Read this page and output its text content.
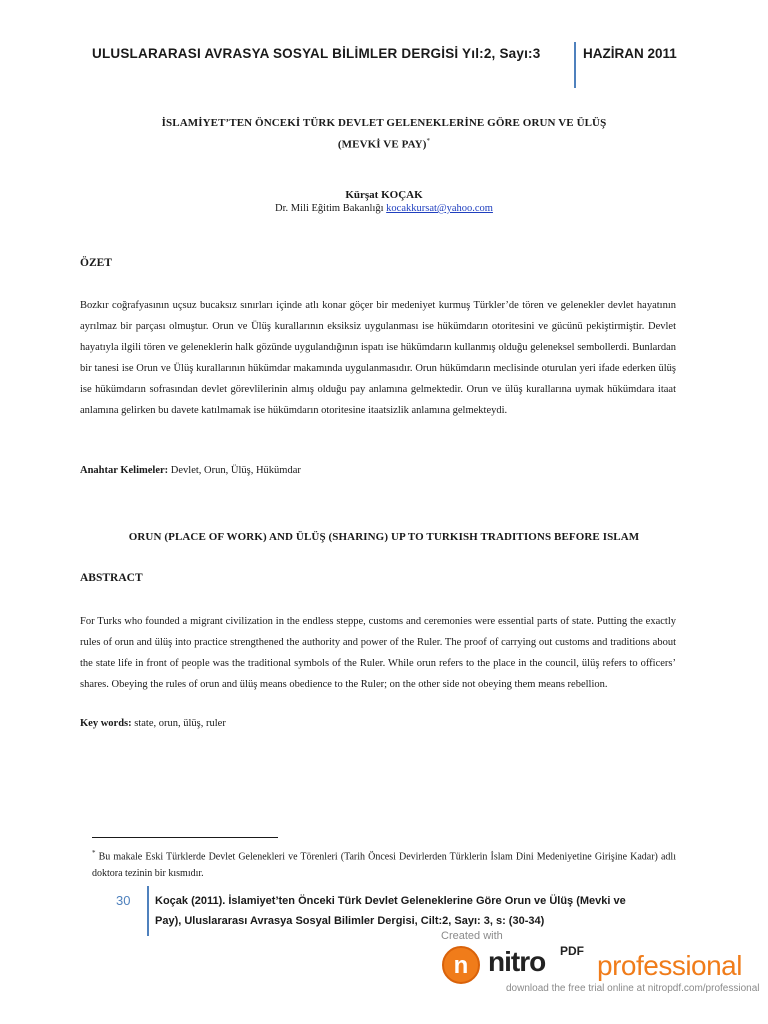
ULUSLARARASI AVRASYA SOSYAL BİLİMLER DERGİSİ Yıl:2, Sayı:3	HAZİRAN 2011
İSLAMİYET’TEN ÖNCEKİ TÜRK DEVLET GELENEKLERİNE GÖRE ORUN VE ÜLÜŞ
(MEVKİ VE PAY)*
Kürşat KOÇAK
Dr. Mili Eğitim Bakanlığı kocakkursat@yahoo.com
ÖZET
Bozkır coğrafyasının uçsuz bucaksız sınırları içinde atlı konar göçer bir medeniyet kurmuş Türkler’de tören ve gelenekler devlet hayatının ayrılmaz bir parçası olmuştur. Orun ve Ülüş kurallarının eksiksiz uygulanması ise hükümdarın otoritesini ve gücünü pekiştirmiştir. Devlet hayatıyla ilgili tören ve geleneklerin halk gözünde uygulandığının ispatı ise hükümdarın kullanmış olduğu geleneksel sembollerdi. Bunlardan bir tanesi ise Orun ve Ülüş kurallarının hükümdar makamında uygulanmasıdır. Orun hükümdarın meclisinde oturulan yeri ifade ederken ülüş ise hükümdarın sofrasından devlet görevlilerinin almış olduğu pay anlamına gelmektedir. Orun ve ülüş kurallarına uymak hükümdara itaat anlamına gelirken bu davete katılmamak ise hükümdarın otoritesine itaatsizlik anlamına gelmekteydi.
Anahtar Kelimeler: Devlet, Orun, Ülüş, Hükümdar
ORUN (PLACE OF WORK) AND ÜLÜŞ (SHARING) UP TO TURKISH TRADITIONS BEFORE ISLAM
ABSTRACT
For Turks who founded a migrant civilization in the endless steppe, customs and ceremonies were essential parts of state. Putting the exactly rules of orun and ülüş into practice strengthened the authority and power of the Ruler. The proof of carrying out customs and traditions about the state life in front of people was the traditional symbols of the Ruler. While orun refers to the place in the council, ülüş refers to officers’ shares. Obeying the rules of orun and ülüş means obedience to the Ruler; on the other side not obeying them means rebellion.
Key words: state, orun, ülüş, ruler
* Bu makale Eski Türklerde Devlet Gelenekleri ve Törenleri (Tarih Öncesi Devirlerden Türklerin İslam Dini Medeniyetine Girişine Kadar) adlı doktora tezinin bir kısmıdır.
30 Koçak (2011). İslamiyet’ten Önceki Türk Devlet Geleneklerine Göre Orun ve Ülüş (Mevki ve
Pay), Uluslararası Avrasya Sosyal Bilimler Dergisi, Cilt:2, Sayı: 3, s: (30-34)
Created with
n nitro PDF professional
download the free trial online at nitropdf.com/professional
